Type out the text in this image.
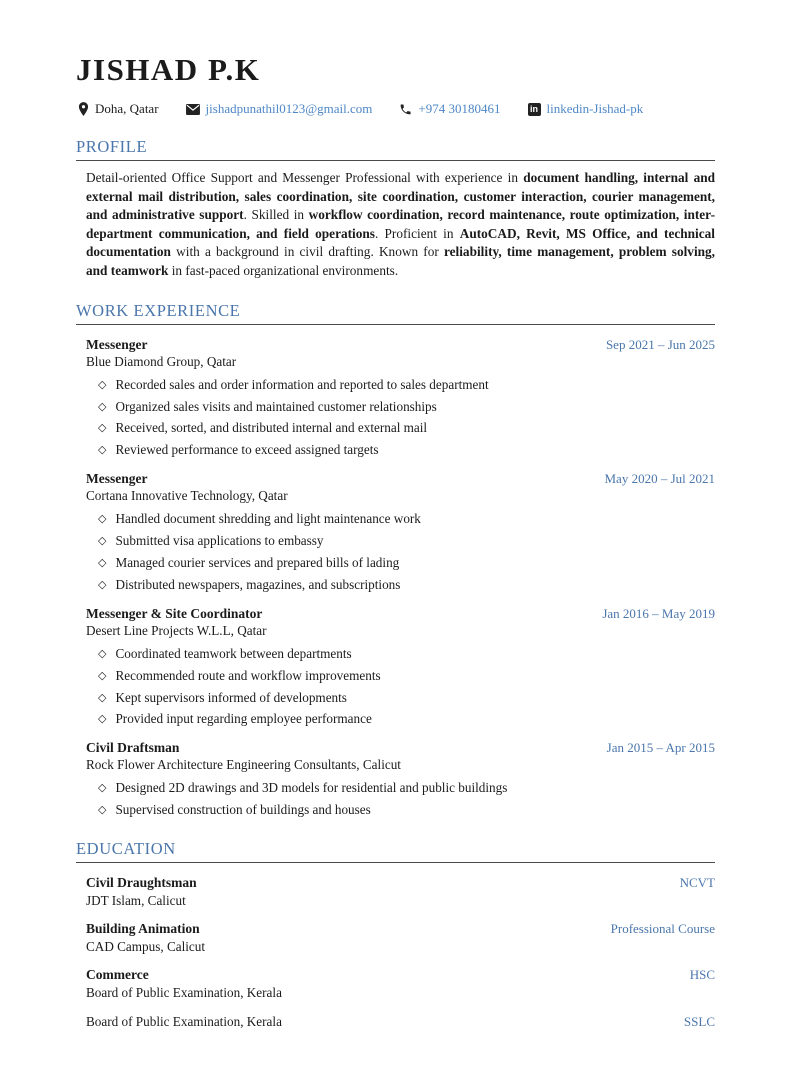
JISHAD P.K
Doha, Qatar	jishadpunathil0123@gmail.com	+974 30180461	in linkedin-Jishad-pk
PROFILE

Detail-oriented Office Support and Messenger Professional with experience in document handling, internal and external mail distribution, sales coordination, site coordination, customer interaction, courier management, and administrative support. Skilled in workflow coordination, record maintenance, route optimization, inter-department communication, and field operations. Proficient in AutoCAD, Revit, MS Office, and technical documentation with a background in civil drafting. Known for reliability, time management, problem solving, and teamwork in fast-paced organizational environments.

WORK EXPERIENCE
Messenger	Sep 2021 – Jun 2025
Blue Diamond Group, Qatar
◇ Recorded sales and order information and reported to sales department
◇ Organized sales visits and maintained customer relationships
◇ Received, sorted, and distributed internal and external mail
◇ Reviewed performance to exceed assigned targets
Messenger	May 2020 – Jul 2021
Cortana Innovative Technology, Qatar
◇ Handled document shredding and light maintenance work
◇ Submitted visa applications to embassy
◇ Managed courier services and prepared bills of lading
◇ Distributed newspapers, magazines, and subscriptions
Messenger & Site Coordinator	Jan 2016 – May 2019
Desert Line Projects W.L.L, Qatar
◇ Coordinated teamwork between departments
◇ Recommended route and workflow improvements
◇ Kept supervisors informed of developments
◇ Provided input regarding employee performance
Civil Draftsman	Jan 2015 – Apr 2015
Rock Flower Architecture Engineering Consultants, Calicut
◇ Designed 2D drawings and 3D models for residential and public buildings
◇ Supervised construction of buildings and houses
EDUCATION
Civil Draughtsman	NCVT
JDT Islam, Calicut
Building Animation	Professional Course
CAD Campus, Calicut
Commerce	HSC
Board of Public Examination, Kerala
Board of Public Examination, Kerala	SSLC
